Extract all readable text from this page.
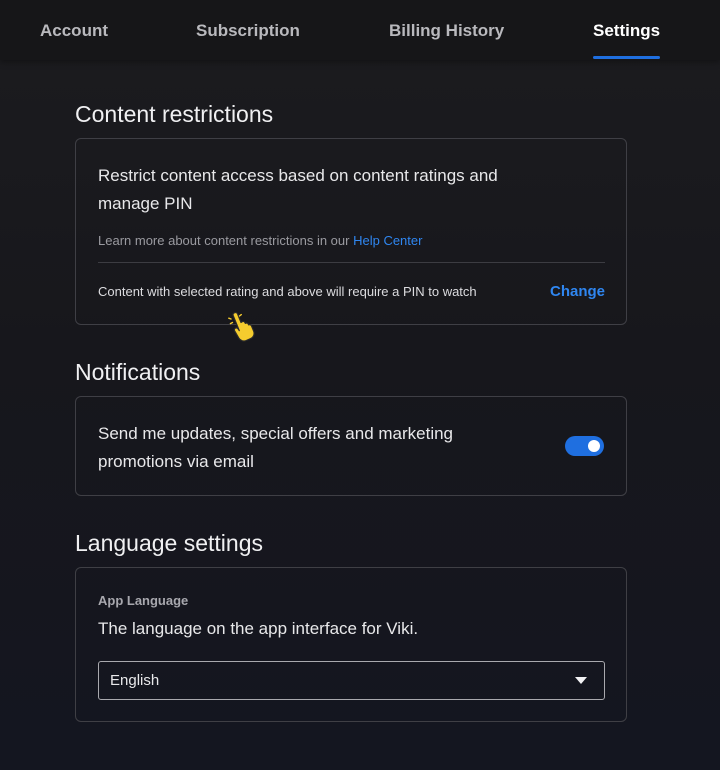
Account	Subscription	Billing History	Settings
Content restrictions
Restrict content access based on content ratings and manage PIN
Learn more about content restrictions in our Help Center
Content with selected rating and above will require a PIN to watch	Change
Notifications
Send me updates, special offers and marketing promotions via email
Language settings
App Language
The language on the app interface for Viki.
English
